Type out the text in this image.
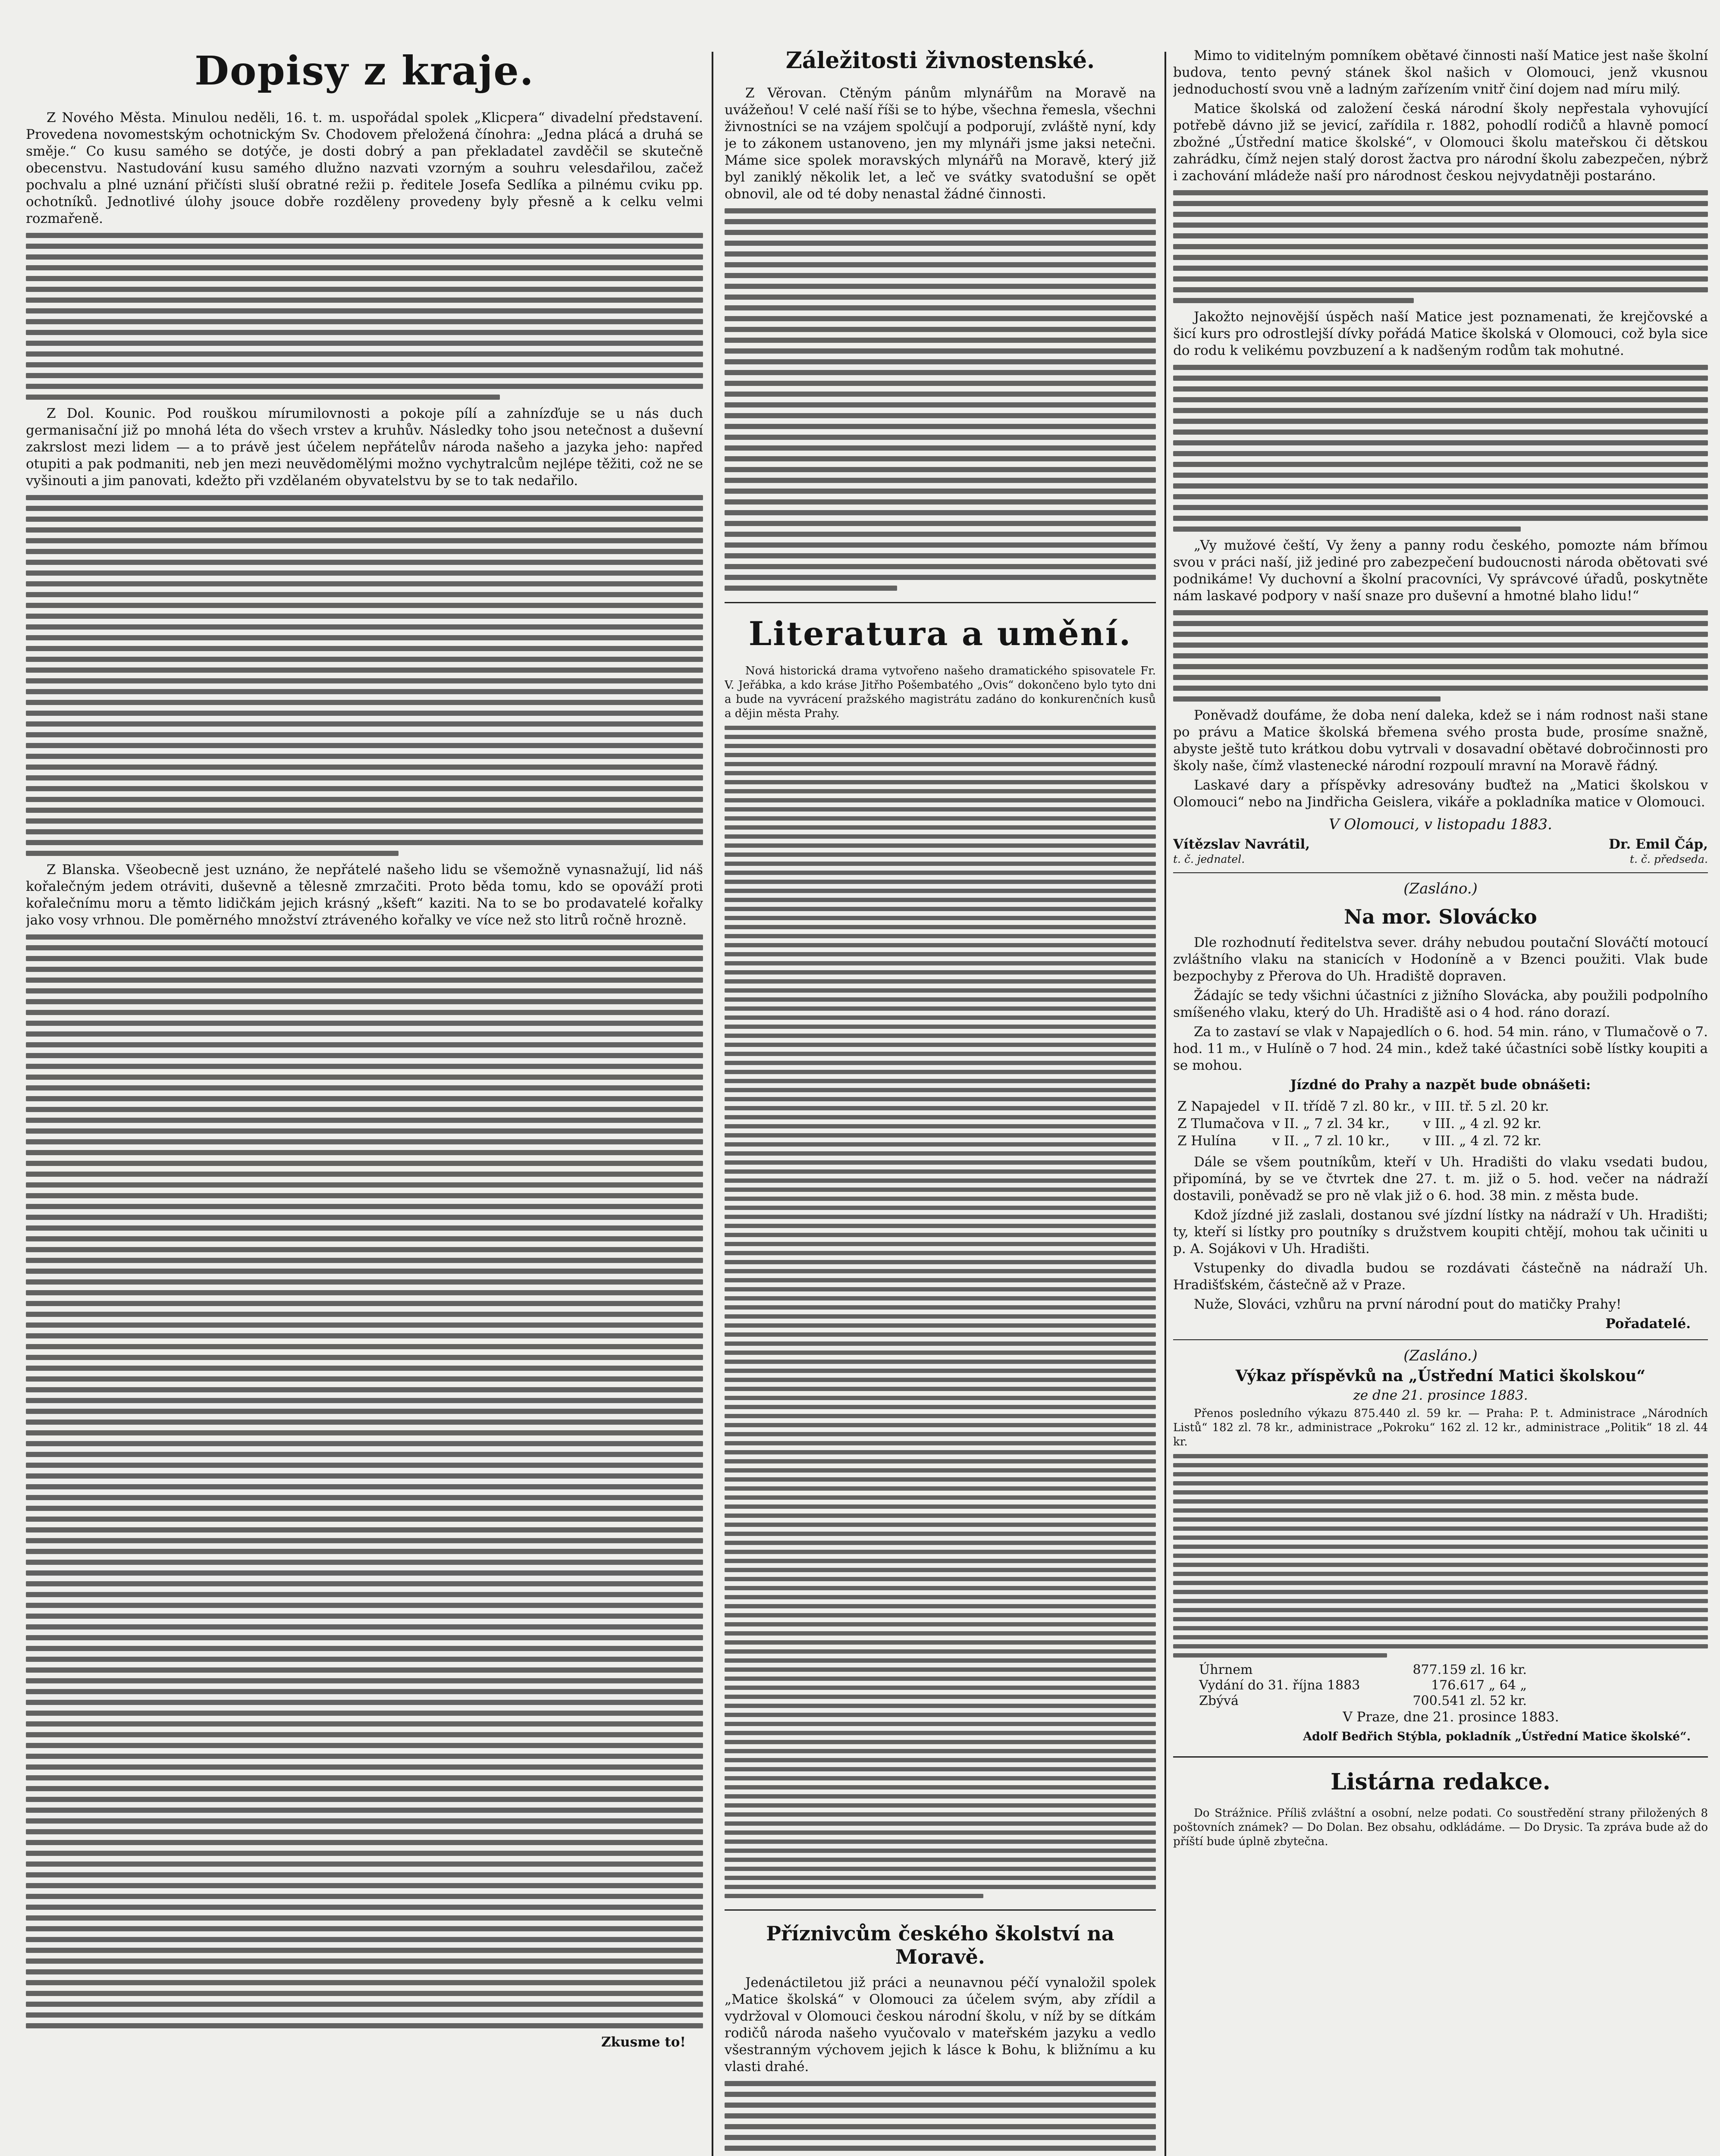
Dopisy z kraje.

Z Nového Města. Minulou neděli, 16. t. m. uspořádal spolek „Klicpera“ divadelní představení. Provedena novomestským ochotnickým Sv. Chodovem přeložená čínohra: „Jedna plácá a druhá se směje.“ Co kusu samého se dotýče, je dosti dobrý a pan překladatel zavděčil se skutečně obecenstvu. Nastudování kusu samého dlužno nazvati vzorným a souhru velesdařilou, začež pochvalu a plné uznání přičísti sluší obratné režii p. ředitele Josefa Sedlíka a pilnému cviku pp. ochotníků. Jednotlivé úlohy jsouce dobře rozděleny provedeny byly přesně a k celku velmi rozmařeně.

Z Dol. Kounic. Pod rouškou mírumilovnosti a pokoje pílí a zahnízďuje se u nás duch germanisační již po mnohá léta do všech vrstev a kruhův. Následky toho jsou netečnost a duševní zakrslost mezi lidem — a to právě jest účelem nepřátelův národa našeho a jazyka jeho: napřed otupiti a pak podmaniti, neb jen mezi neuvědomělými možno vychytralcům nejlépe těžiti, což ne se vyšinouti a jim panovati, kdežto při vzdělaném obyvatelstvu by se to tak nedařilo.

Z Blanska. Všeobecně jest uznáno, že nepřátelé našeho lidu se všemožně vynasnažují, lid náš kořalečným jedem otráviti, duševně a tělesně zmrzačiti. Proto běda tomu, kdo se opováží proti kořalečnímu moru a těmto lidičkám jejich krásný „kšeft“ kaziti. Na to se bo prodavatelé kořalky jako vosy vrhnou. Dle poměrného množství ztráveného kořalky ve více než sto litrů ročně hrozně.

Zkusme to!

Záležitosti živnostenské.

Z Věrovan. Ctěným pánům mlynářům na Moravě na uvážeňou! V celé naší říši se to hýbe, všechna řemesla, všechni živnostníci se na vzájem spolčují a podporují, zvláště nyní, kdy je to zákonem ustanoveno, jen my mlynáři jsme jaksi netečni. Máme sice spolek moravských mlynářů na Moravě, který již byl zaniklý několik let, a leč ve svátky svatodušní se opět obnovil, ale od té doby nenastal žádné činnosti.

Literatura a umění.

Nová historická drama vytvořeno našeho dramatického spisovatele Fr. V. Jeřábka, a kdo kráse Jitřho Pošembatého „Ovis“ dokončeno bylo tyto dni a bude na vyvrácení pražského magistrátu zadáno do konkurenčních kusů a dějin města Prahy.

Příznivcům českého školství na Moravě.

Jedenáctiletou již práci a neunavnou péčí vynaložil spolek „Matice školská“ v Olomouci za účelem svým, aby zřídil a vydržoval v Olomouci českou národní školu, v níž by se dítkám rodičů národa našeho vyučovalo v mateřském jazyku a vedlo všestranným výchovem jejich k lásce k Bohu, k bližnímu a ku vlasti drahé.

Mimo to viditelným pomníkem obětavé činnosti naší Matice jest naše školní budova, tento pevný stánek škol našich v Olomouci, jenž vkusnou jednoduchostí svou vně a ladným zařízením vnitř činí dojem nad míru milý.

Matice školská od založení česká národní školy nepřestala vyhovující potřebě dávno již se jevicí, zařídila r. 1882, pohodlí rodičů a hlavně pomocí zbožné „Ústřední matice školské“, v Olomouci školu mateřskou či dětskou zahrádku, čímž nejen stalý dorost žactva pro národní školu zabezpečen, nýbrž i zachování mládeže naší pro národnost českou nejvydatněji postaráno.

Jakožto nejnovější úspěch naší Matice jest poznamenati, že krejčovské a šicí kurs pro odrostlejší dívky pořádá Matice školská v Olomouci, což byla sice do rodu k velikému povzbuzení a k nadšeným rodům tak mohutné.

„Vy mužové čeští, Vy ženy a panny rodu českého, pomozte nám břímou svou v práci naší, již jediné pro zabezpečení budoucnosti národa obětovati své podnikáme! Vy duchovní a školní pracovníci, Vy správcové úřadů, poskytněte nám laskavé podpory v naší snaze pro duševní a hmotné blaho lidu!“

Poněvadž doufáme, že doba není daleka, kdež se i nám rodnost naši stane po právu a Matice školská břemena svého prosta bude, prosíme snažně, abyste ještě tuto krátkou dobu vytrvali v dosavadní obětavé dobročinnosti pro školy naše, čímž vlastenecké národní rozpoulí mravní na Moravě řádný.

Laskavé dary a příspěvky adresovány buďtež na „Matici školskou v Olomouci“ nebo na Jindřicha Geislera, vikáře a pokladníka matice v Olomouci.

V Olomouci, v listopadu 1883.
Vítězslav Navrátil,	Dr. Emil Čáp,
t. č. jednatel.	t. č. předseda.
(Zasláno.)
Na mor. Slovácko

Dle rozhodnutí ředitelstva sever. dráhy nebudou poutační Slováčtí motoucí zvláštního vlaku na stanicích v Hodoníně a v Bzenci použiti. Vlak bude bezpochyby z Přerova do Uh. Hradiště dopraven.

Žádajíc se tedy všichni účastníci z jižního Slovácka, aby použili podpolního smíšeného vlaku, který do Uh. Hradiště asi o 4 hod. ráno dorazí.

Za to zastaví se vlak v Napajedlích o 6. hod. 54 min. ráno, v Tlumačově o 7. hod. 11 m., v Hulíně o 7 hod. 24 min., kdež také účastníci sobě lístky koupiti a se mohou.

Jízdné do Prahy a nazpět bude obnášeti:

Z Napajedel	v II. třídě 7 zl. 80 kr.,	v III. tř. 5 zl. 20 kr.
Z Tlumačova	v II. „ 7 zl. 34 kr.,	v III. „ 4 zl. 92 kr.
Z Hulína	v II. „ 7 zl. 10 kr.,	v III. „ 4 zl. 72 kr.

Dále se všem poutníkům, kteří v Uh. Hradišti do vlaku vsedati budou, připomíná, by se ve čtvrtek dne 27. t. m. již o 5. hod. večer na nádraží dostavili, poněvadž se pro ně vlak již o 6. hod. 38 min. z města bude.

Kdož jízdné již zaslali, dostanou své jízdní lístky na nádraží v Uh. Hradišti; ty, kteří si lístky pro poutníky s družstvem koupiti chtějí, mohou tak učiniti u p. A. Sojákovi v Uh. Hradišti.

Vstupenky do divadla budou se rozdávati částečně na nádraží Uh. Hradišťském, částečně až v Praze.

Nuže, Slováci, vzhůru na první národní pout do matičky Prahy!

Pořadatelé.

(Zasláno.)

Výkaz příspěvků na „Ústřední Matici školskou“

ze dne 21. prosince 1883.

Přenos posledního výkazu 875.440 zl. 59 kr. — Praha: P. t. Administrace „Národních Listů“ 182 zl. 78 kr., administrace „Pokroku“ 162 zl. 12 kr., administrace „Politik“ 18 zl. 44 kr.

Úhrnem	877.159 zl. 16 kr.
Vydání do 31. října 1883	176.617 „ 64 „
Zbývá	700.541 zl. 52 kr.

V Praze, dne 21. prosince 1883.

Adolf Bedřich Stýbla, pokladník „Ústřední Matice školské“.

Listárna redakce.

Do Strážnice. Příliš zvláštní a osobní, nelze podati. Co soustředění strany přiložených 8 poštovních známek? — Do Dolan. Bez obsahu, odkládáme. — Do Drysic. Ta zpráva bude až do příští bude úplně zbytečna.
